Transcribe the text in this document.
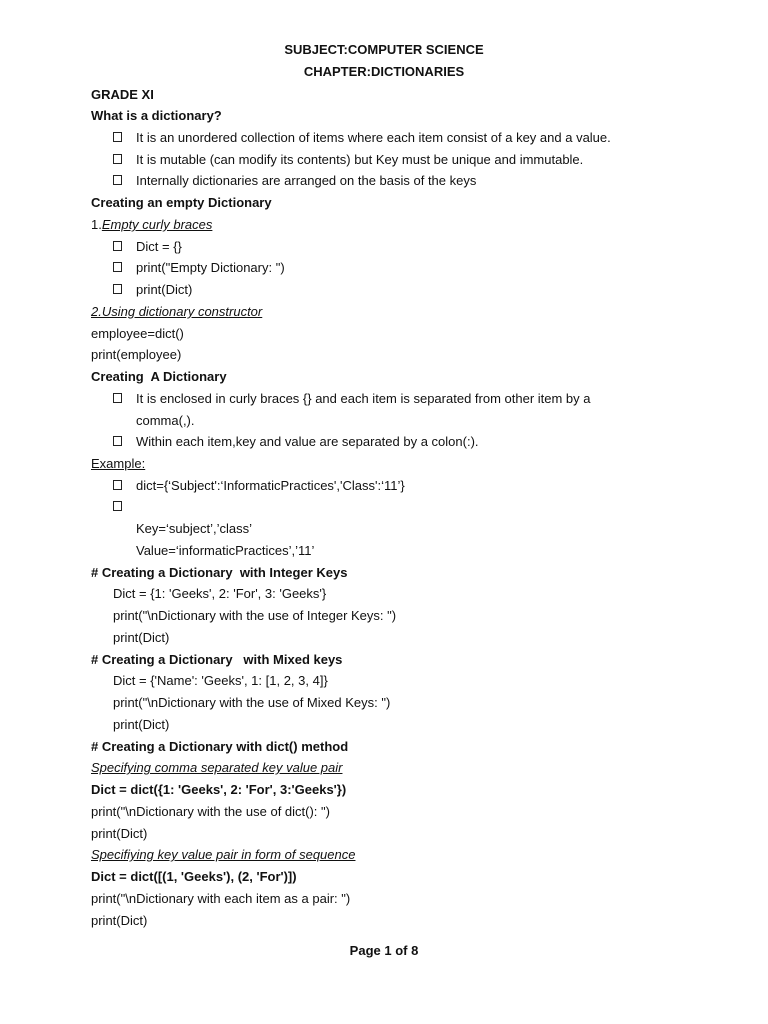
SUBJECT:COMPUTER SCIENCE
CHAPTER:DICTIONARIES
GRADE XI
What is a dictionary?
It is an unordered collection of items where each item consist of a key and a value.
It is mutable (can modify its contents) but Key must be unique and immutable.
Internally dictionaries are arranged on the basis of the keys
Creating an empty Dictionary
1.Empty curly braces
Dict = {}
print("Empty Dictionary: ")
print(Dict)
2.Using dictionary constructor
employee=dict()
print(employee)
Creating  A Dictionary
It is enclosed in curly braces {} and each item is separated from other item by a
comma(,).
Within each item,key and value are separated by a colon(:).
Example:
dict={‘Subject':‘InformaticPractices','Class':‘11’}
Key=‘subject’,’class’
Value=‘informaticPractices’,’11’
# Creating a Dictionary  with Integer Keys
Dict = {1: 'Geeks', 2: 'For', 3: 'Geeks'}
print("\nDictionary with the use of Integer Keys: ")
print(Dict)
# Creating a Dictionary   with Mixed keys
Dict = {'Name': 'Geeks', 1: [1, 2, 3, 4]}
print("\nDictionary with the use of Mixed Keys: ")
print(Dict)
# Creating a Dictionary with dict() method
Specifying comma separated key value pair
Dict = dict({1: 'Geeks', 2: 'For', 3:'Geeks'})
print("\nDictionary with the use of dict(): ")
print(Dict)
Specifiying key value pair in form of sequence
Dict = dict([(1, 'Geeks'), (2, 'For')])
print("\nDictionary with each item as a pair: ")
print(Dict)
Page 1 of 8
